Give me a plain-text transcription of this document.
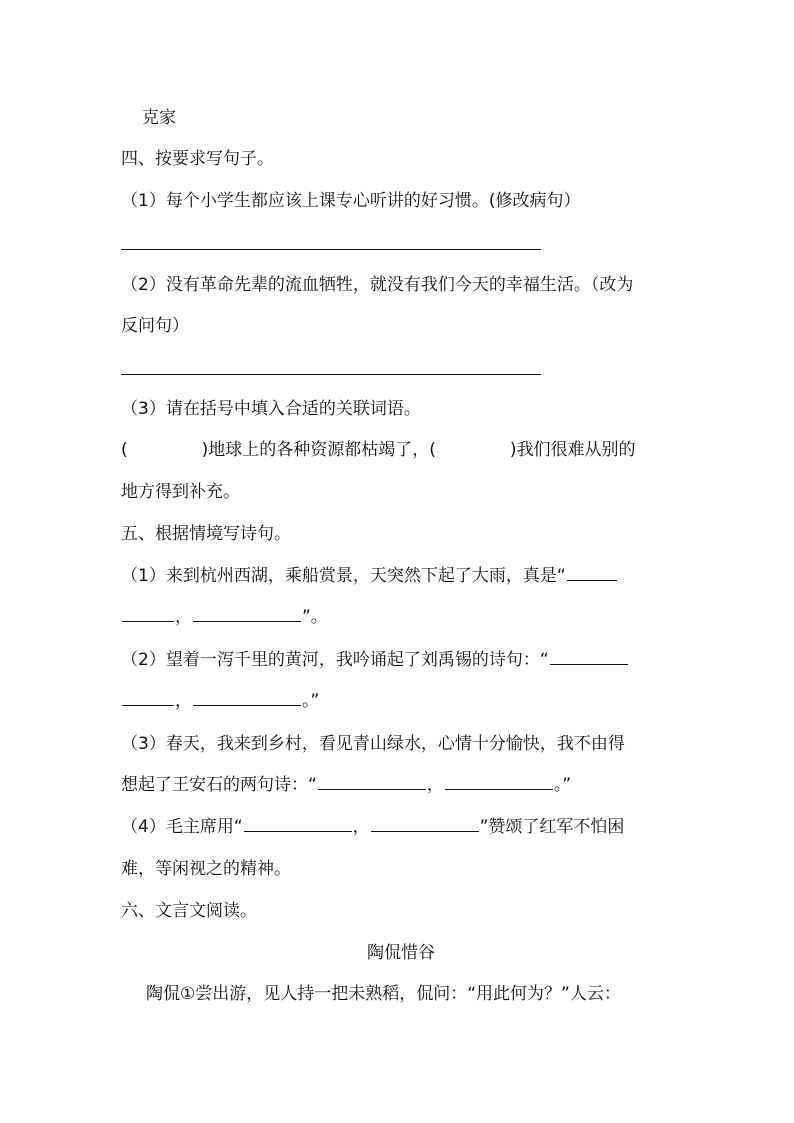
克家
四、按要求写句子。
（1）每个小学生都应该上课专心听讲的好习惯。(修改病句）
（2）没有革命先辈的流血牺牲，就没有我们今天的幸福生活。（改为
反问句）
（3）请在括号中填入合适的关联词语。
(	)地球上的各种资源都枯竭了，(	)我们很难从别的
地方得到补充。
五、根据情境写诗句。
（1）来到杭州西湖，乘船赏景，天突然下起了大雨，真是“
，	”。
（2）望着一泻千里的黄河，我吟诵起了刘禹锡的诗句：“
，	。”
（3）春天，我来到乡村，看见青山绿水，心情十分愉快，我不由得
想起了王安石的两句诗：“	，	。”
（4）毛主席用“	，	”赞颂了红军不怕困
难，等闲视之的精神。
六、文言文阅读。
陶侃惜谷
陶侃①尝出游，见人持一把未熟稻，侃问：“用此何为？”人云：
